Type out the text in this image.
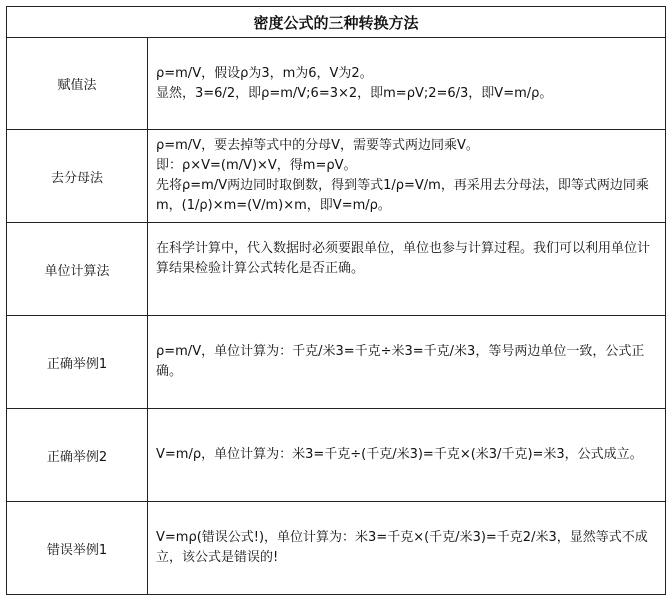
密度公式的三种转换方法	
赋值法	ρ=m/V，假设ρ为3，m为6，V为2。
显然，3=6/2，即ρ=m/V;6=3×2，即m=ρV;2=6/3，即V=m/ρ。

去分母法	ρ=m/V，要去掉等式中的分母V，需要等式两边同乘V。
即：ρ×V=(m/V)×V，得m=ρV。
先将ρ=m/V两边同时取倒数，得到等式1/ρ=V/m，再采用去分母法，即等式两边同乘m，(1/ρ)×m=(V/m)×m，即V=m/ρ。

单位计算法	在科学计算中，代入数据时必须要跟单位，单位也参与计算过程。我们可以利用单位计算结果检验计算公式转化是否正确。

正确举例1	ρ=m/V，单位计算为：千克/米3=千克÷米3=千克/米3，等号两边单位一致，公式正确。

正确举例2	V=m/ρ，单位计算为：米3=千克÷(千克/米3)=千克×(米3/千克)=米3，公式成立。

错误举例1	V=mρ(错误公式!)，单位计算为：米3=千克×(千克/米3)=千克2/米3，显然等式不成立，该公式是错误的!
